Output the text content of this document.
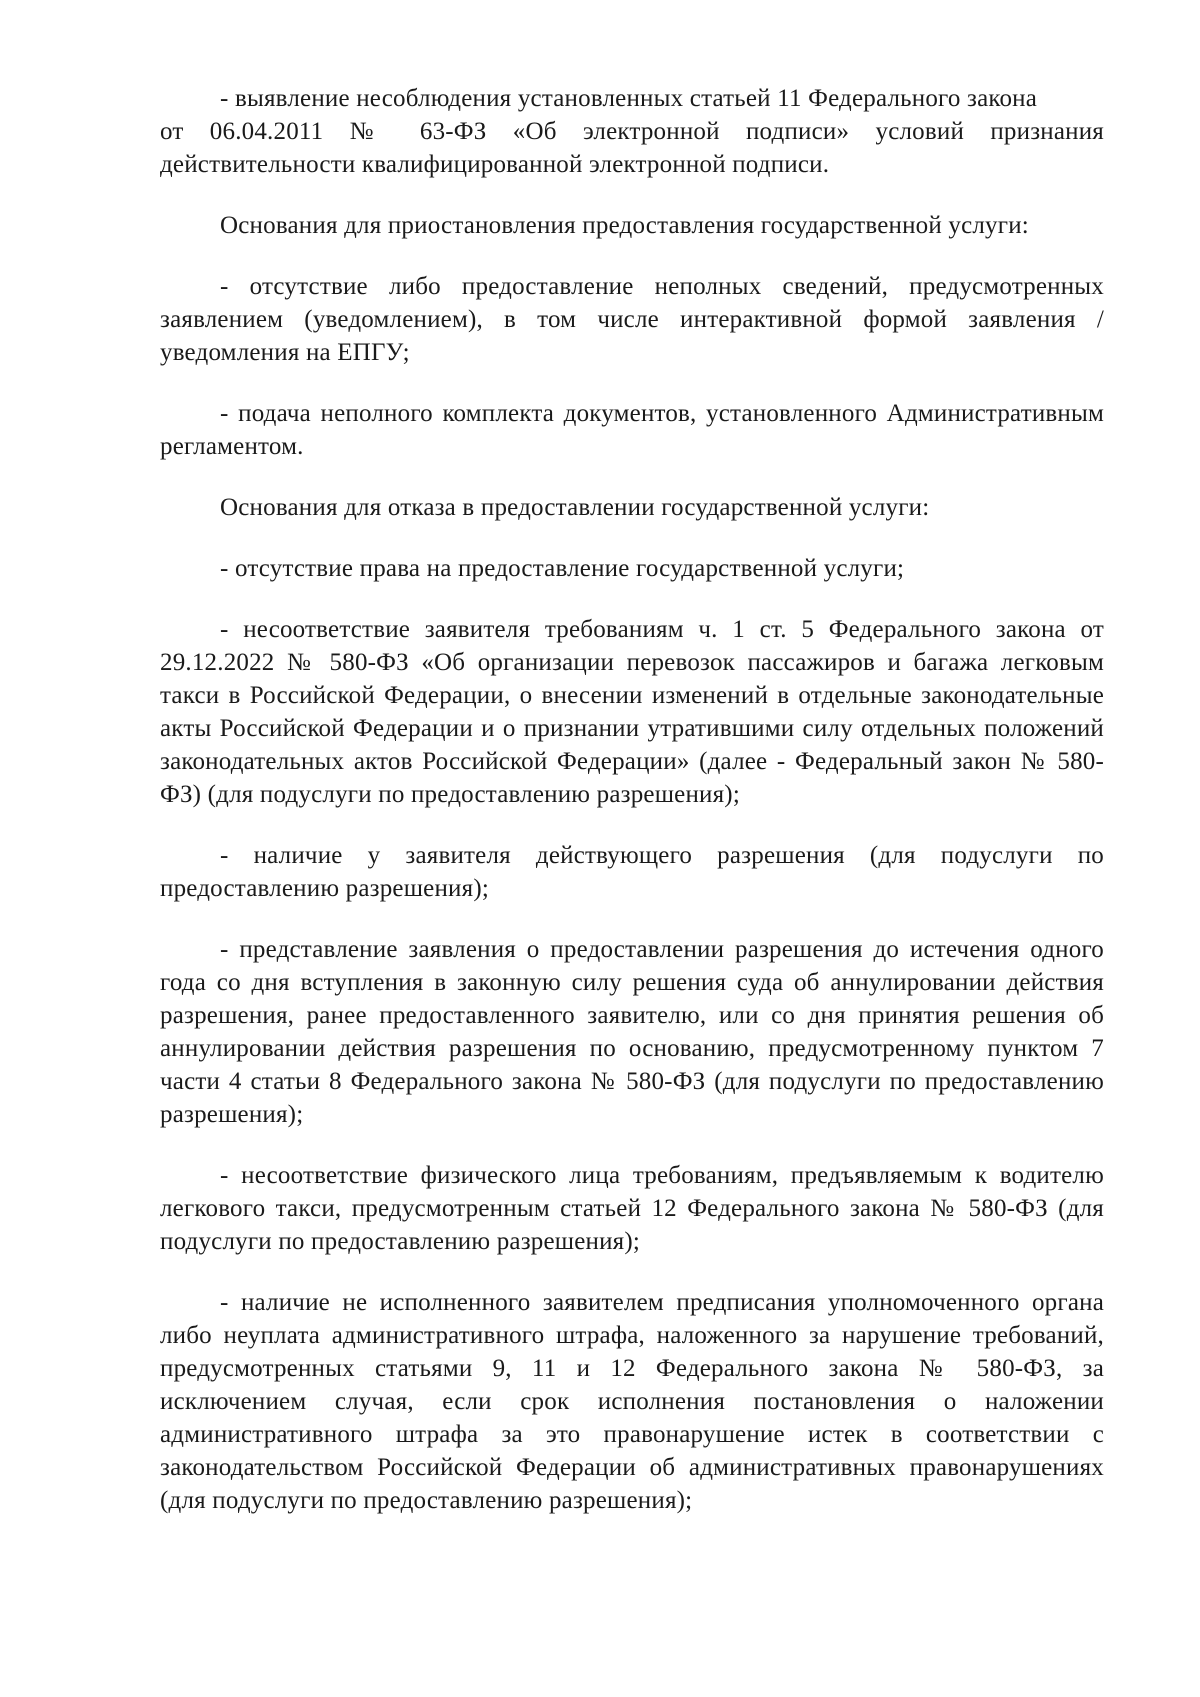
- выявление несоблюдения установленных статьей 11 Федерального закона

от 06.04.2011 № 63-ФЗ «Об электронной подписи» условий признания действительности квалифицированной электронной подписи.

Основания для приостановления предоставления государственной услуги:

- отсутствие либо предоставление неполных сведений, предусмотренных заявлением (уведомлением), в том числе интерактивной формой заявления /уведомления на ЕПГУ;

- подача неполного комплекта документов, установленного Административным регламентом.

Основания для отказа в предоставлении государственной услуги:

- отсутствие права на предоставление государственной услуги;

- несоответствие заявителя требованиям ч. 1 ст. 5 Федерального закона от 29.12.2022 № 580-ФЗ «Об организации перевозок пассажиров и багажа легковым такси в Российской Федерации, о внесении изменений в отдельные законодательные акты Российской Федерации и о признании утратившими силу отдельных положений законодательных актов Российской Федерации» (далее - Федеральный закон № 580-ФЗ) (для подуслуги по предоставлению разрешения);

- наличие у заявителя действующего разрешения (для подуслуги по предоставлению разрешения);

- представление заявления о предоставлении разрешения до истечения одного года со дня вступления в законную силу решения суда об аннулировании действия разрешения, ранее предоставленного заявителю, или со дня принятия решения об аннулировании действия разрешения по основанию, предусмотренному пунктом 7 части 4 статьи 8 Федерального закона № 580-ФЗ (для подуслуги по предоставлению разрешения);

- несоответствие физического лица требованиям, предъявляемым к водителю легкового такси, предусмотренным статьей 12 Федерального закона № 580-ФЗ (для подуслуги по предоставлению разрешения);

- наличие не исполненного заявителем предписания уполномоченного органа либо неуплата административного штрафа, наложенного за нарушение требований, предусмотренных статьями 9, 11 и 12 Федерального закона № 580-ФЗ, за исключением случая, если срок исполнения постановления о наложении административного штрафа за это правонарушение истек в соответствии с законодательством Российской Федерации об административных правонарушениях (для подуслуги по предоставлению разрешения);
